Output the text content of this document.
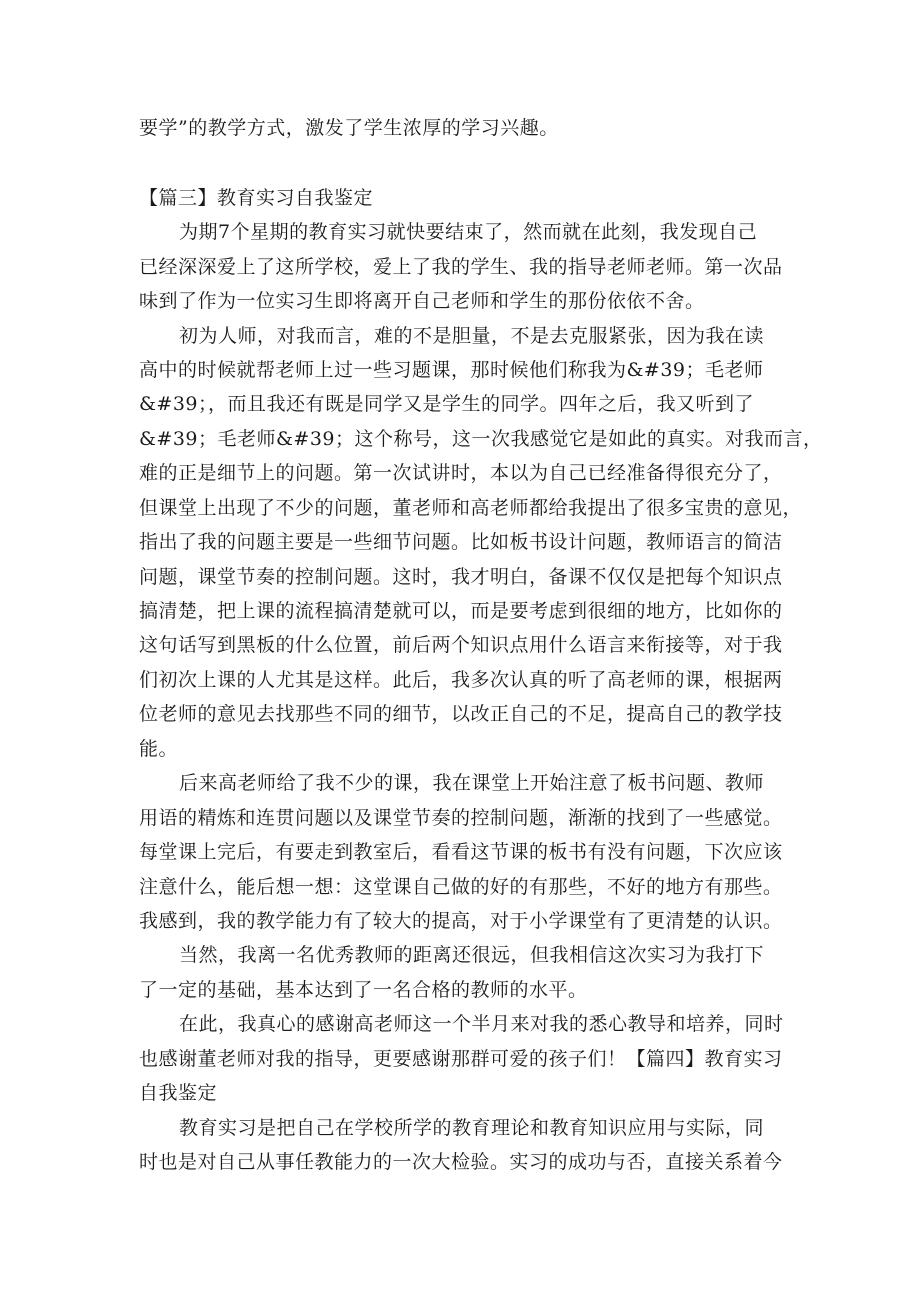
要学”的教学方式，激发了学生浓厚的学习兴趣。
【篇三】教育实习自我鉴定
为期7个星期的教育实习就快要结束了，然而就在此刻，我发现自己
已经深深爱上了这所学校，爱上了我的学生、我的指导老师老师。第一次品
味到了作为一位实习生即将离开自己老师和学生的那份依依不舍。
初为人师，对我而言，难的不是胆量，不是去克服紧张，因为我在读
高中的时候就帮老师上过一些习题课，那时候他们称我为&#39；毛老师
&#39；，而且我还有既是同学又是学生的同学。四年之后，我又听到了
&#39；毛老师&#39；这个称号，这一次我感觉它是如此的真实。对我而言，
难的正是细节上的问题。第一次试讲时，本以为自己已经准备得很充分了，
但课堂上出现了不少的问题，董老师和高老师都给我提出了很多宝贵的意见，
指出了我的问题主要是一些细节问题。比如板书设计问题，教师语言的简洁
问题，课堂节奏的控制问题。这时，我才明白，备课不仅仅是把每个知识点
搞清楚，把上课的流程搞清楚就可以，而是要考虑到很细的地方，比如你的
这句话写到黑板的什么位置，前后两个知识点用什么语言来衔接等，对于我
们初次上课的人尤其是这样。此后，我多次认真的听了高老师的课，根据两
位老师的意见去找那些不同的细节，以改正自己的不足，提高自己的教学技
能。
后来高老师给了我不少的课，我在课堂上开始注意了板书问题、教师
用语的精炼和连贯问题以及课堂节奏的控制问题，渐渐的找到了一些感觉。
每堂课上完后，有要走到教室后，看看这节课的板书有没有问题，下次应该
注意什么，能后想一想：这堂课自己做的好的有那些，不好的地方有那些。
我感到，我的教学能力有了较大的提高，对于小学课堂有了更清楚的认识。
当然，我离一名优秀教师的距离还很远，但我相信这次实习为我打下
了一定的基础，基本达到了一名合格的教师的水平。
在此，我真心的感谢高老师这一个半月来对我的悉心教导和培养，同时
也感谢董老师对我的指导，更要感谢那群可爱的孩子们！【篇四】教育实习
自我鉴定
教育实习是把自己在学校所学的教育理论和教育知识应用与实际，同
时也是对自己从事任教能力的一次大检验。实习的成功与否，直接关系着今
